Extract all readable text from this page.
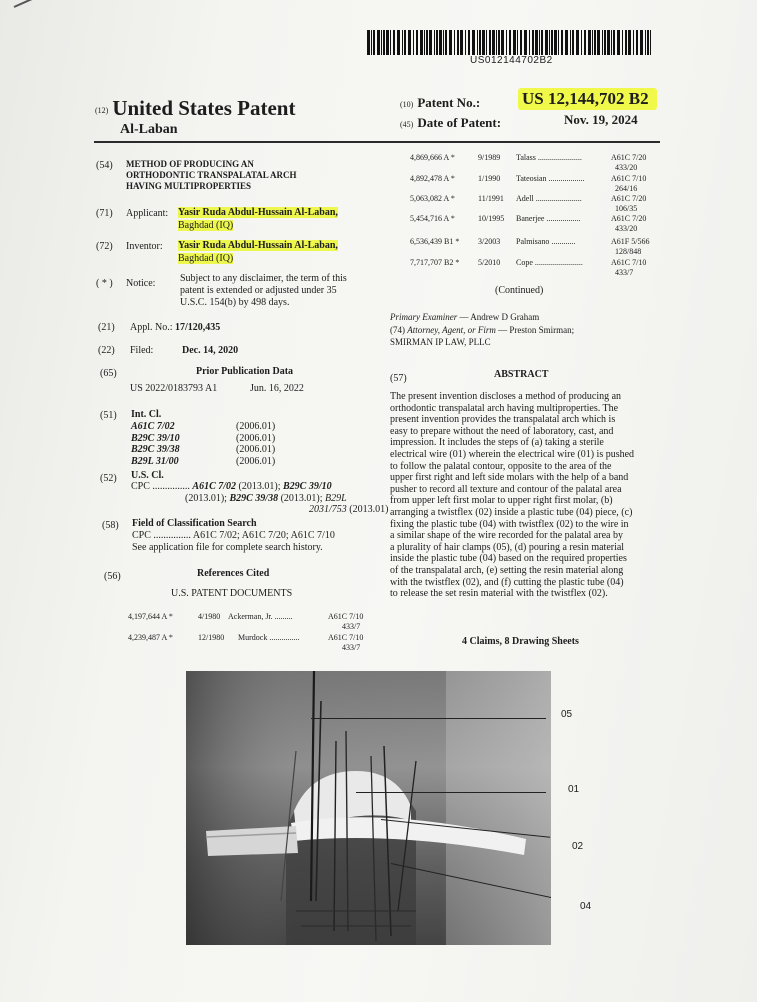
US012144702B2
(12) United States Patent
Al-Laban
(10) Patent No.: US 12,144,702 B2
(45) Date of Patent:	Nov. 19, 2024
(54) METHOD OF PRODUCING AN
ORTHODONTIC TRANSPALATAL ARCH
HAVING MULTIPROPERTIES
(71) Applicant: Yasir Ruda Abdul-Hussain Al-Laban,
Baghdad (IQ)
(72) Inventor: Yasir Ruda Abdul-Hussain Al-Laban,
Baghdad (IQ)
( * ) Notice: Subject to any disclaimer, the term of this
patent is extended or adjusted under 35
U.S.C. 154(b) by 498 days.
(21) Appl. No.: 17/120,435
(22) Filed:	Dec. 14, 2020
(65)	Prior Publication Data
US 2022/0183793 A1	Jun. 16, 2022
(51) Int. Cl.
A61C 7/02	(2006.01)
B29C 39/10	(2006.01)
B29C 39/38	(2006.01)
B29L 31/00	(2006.01)
(52) U.S. Cl.
CPC ............... A61C 7/02 (2013.01); B29C 39/10
(2013.01); B29C 39/38 (2013.01); B29L
2031/753 (2013.01)
(58) Field of Classification Search
CPC ............... A61C 7/02; A61C 7/20; A61C 7/10
See application file for complete search history.
(56)	References Cited
U.S. PATENT DOCUMENTS
4,197,644 A *	4/1980 Ackerman, Jr. .........	A61C 7/10
433/7
4,239,487 A *	12/1980 Murdock ...............	A61C 7/10
433/7
4,869,666 A *	9/1989 Talass ......................	A61C 7/20
433/20
4,892,478 A *	1/1990 Tateosian ..................	A61C 7/10
264/16
5,063,082 A *	11/1991 Adell .......................	A61C 7/20
106/35
5,454,716 A *	10/1995 Banerjee .................	A61C 7/20
433/20
6,536,439 B1 * 3/2003 Palmisano ............	A61F 5/566
128/848
7,717,707 B2 * 5/2010 Cope ........................	A61C 7/10
433/7
(Continued)
Primary Examiner — Andrew D Graham
(74) Attorney, Agent, or Firm — Preston Smirman;
SMIRMAN IP LAW, PLLC
(57)	ABSTRACT
The present invention discloses a method of producing an
orthodontic transpalatal arch having multiproperties. The
present invention provides the transpalatal arch which is
easy to prepare without the need of laboratory, cast, and
impression. It includes the steps of (a) taking a sterile
electrical wire (01) wherein the electrical wire (01) is pushed
to follow the palatal contour, opposite to the area of the
upper first right and left side molars with the help of a band
pusher to record all texture and contour of the palatal area
from upper left first molar to upper right first molar, (b)
arranging a twistflex (02) inside a plastic tube (04) piece, (c)
fixing the plastic tube (04) with twistflex (02) to the wire in
a similar shape of the wire recorded for the palatal area by
a plurality of hair clamps (05), (d) pouring a resin material
inside the plastic tube (04) based on the required properties
of the transpalatal arch, (e) setting the resin material along
with the twistflex (02), and (f) cutting the plastic tube (04)
to release the set resin material with the twistflex (02).
4 Claims, 8 Drawing Sheets
05
01
02
04
